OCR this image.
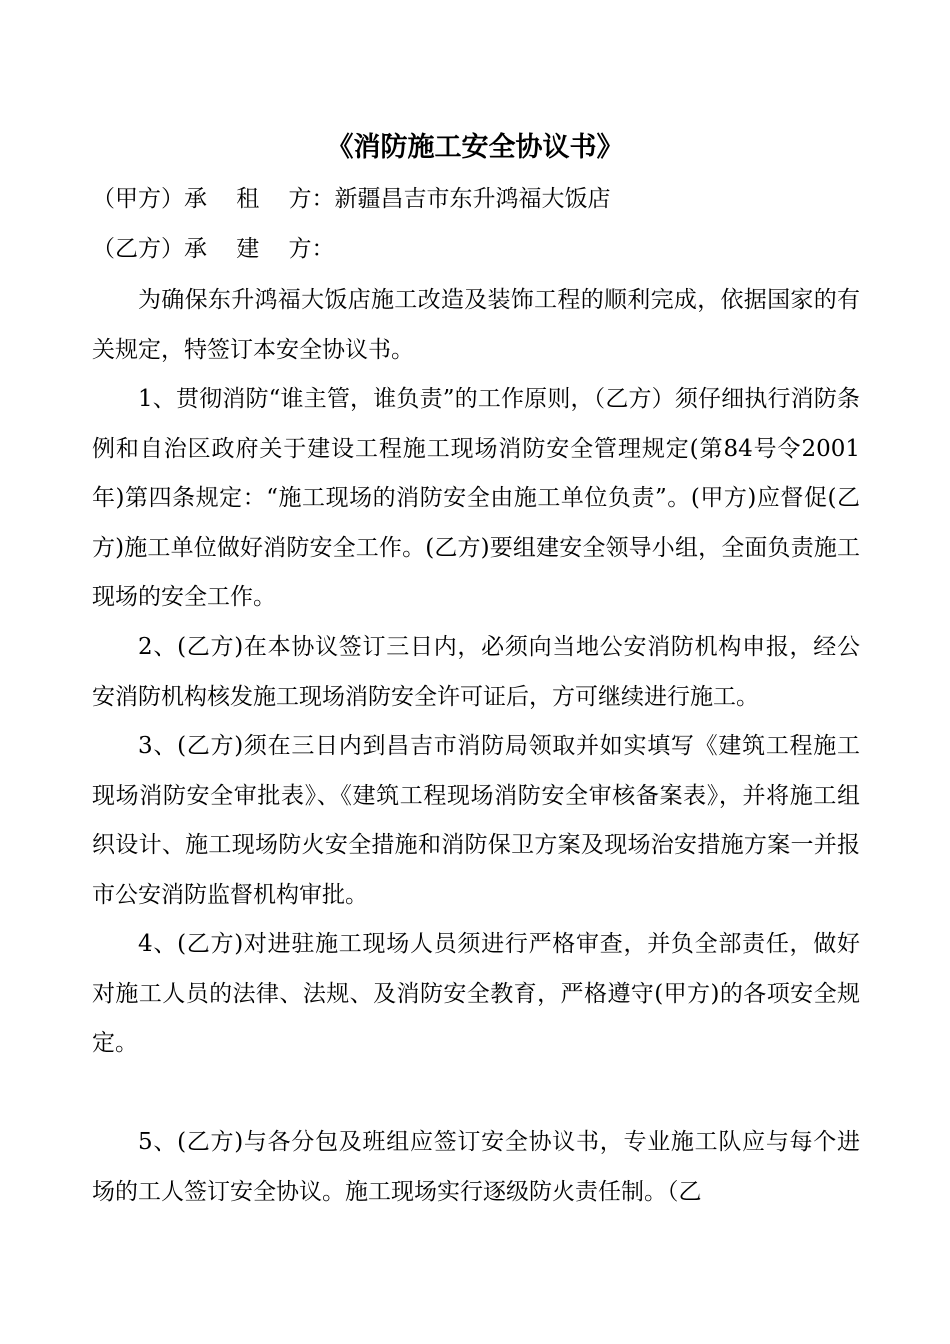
《消防施工安全协议书》
（甲方）承    租    方：新疆昌吉市东升鸿福大饭店
（乙方）承    建    方：

为确保东升鸿福大饭店施工改造及装饰工程的顺利完成，依据国家的有关规定，特签订本安全协议书。

1、贯彻消防“谁主管，谁负责”的工作原则，（乙方）须仔细执行消防条例和自治区政府关于建设工程施工现场消防安全管理规定(第84号令2001年)第四条规定：“施工现场的消防安全由施工单位负责”。(甲方)应督促(乙方)施工单位做好消防安全工作。(乙方)要组建安全领导小组，全面负责施工现场的安全工作。

2、(乙方)在本协议签订三日内，必须向当地公安消防机构申报，经公安消防机构核发施工现场消防安全许可证后，方可继续进行施工。

3、(乙方)须在三日内到昌吉市消防局领取并如实填写《建筑工程施工现场消防安全审批表》、《建筑工程现场消防安全审核备案表》，并将施工组织设计、施工现场防火安全措施和消防保卫方案及现场治安措施方案一并报市公安消防监督机构审批。

4、(乙方)对进驻施工现场人员须进行严格审查，并负全部责任，做好对施工人员的法律、法规、及消防安全教育，严格遵守(甲方)的各项安全规定。

5、(乙方)与各分包及班组应签订安全协议书，专业施工队应与每个进场的工人签订安全协议。施工现场实行逐级防火责任制。（乙
